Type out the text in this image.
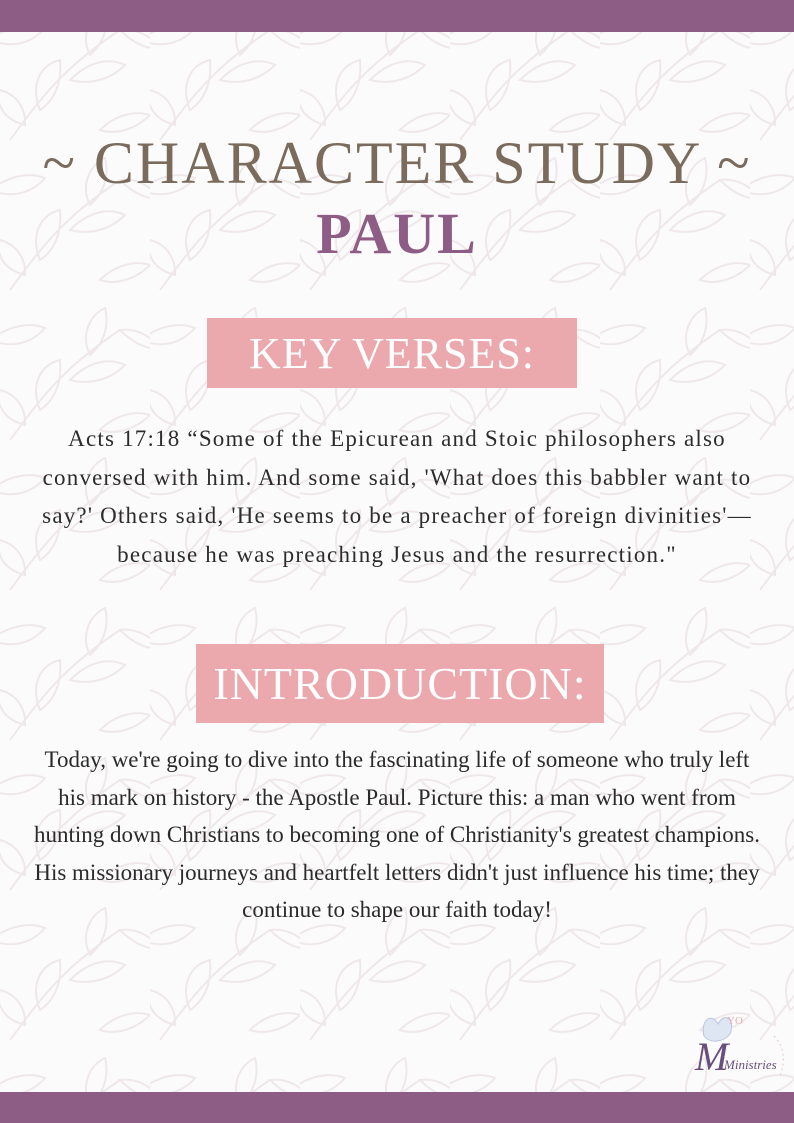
~ CHARACTER STUDY ~
PAUL
KEY VERSES:
Acts 17:18 “Some of the Epicurean and Stoic philosophers also conversed with him. And some said, 'What does this babbler want to say?' Others said, 'He seems to be a preacher of foreign divinities'—because he was preaching Jesus and the resurrection."
INTRODUCTION:
Today, we're going to dive into the fascinating life of someone who truly left his mark on history - the Apostle Paul. Picture this: a man who went from hunting down Christians to becoming one of Christianity's greatest champions. His missionary journeys and heartfelt letters didn't just influence his time; they continue to shape our faith today!
YO
M
Ministries
